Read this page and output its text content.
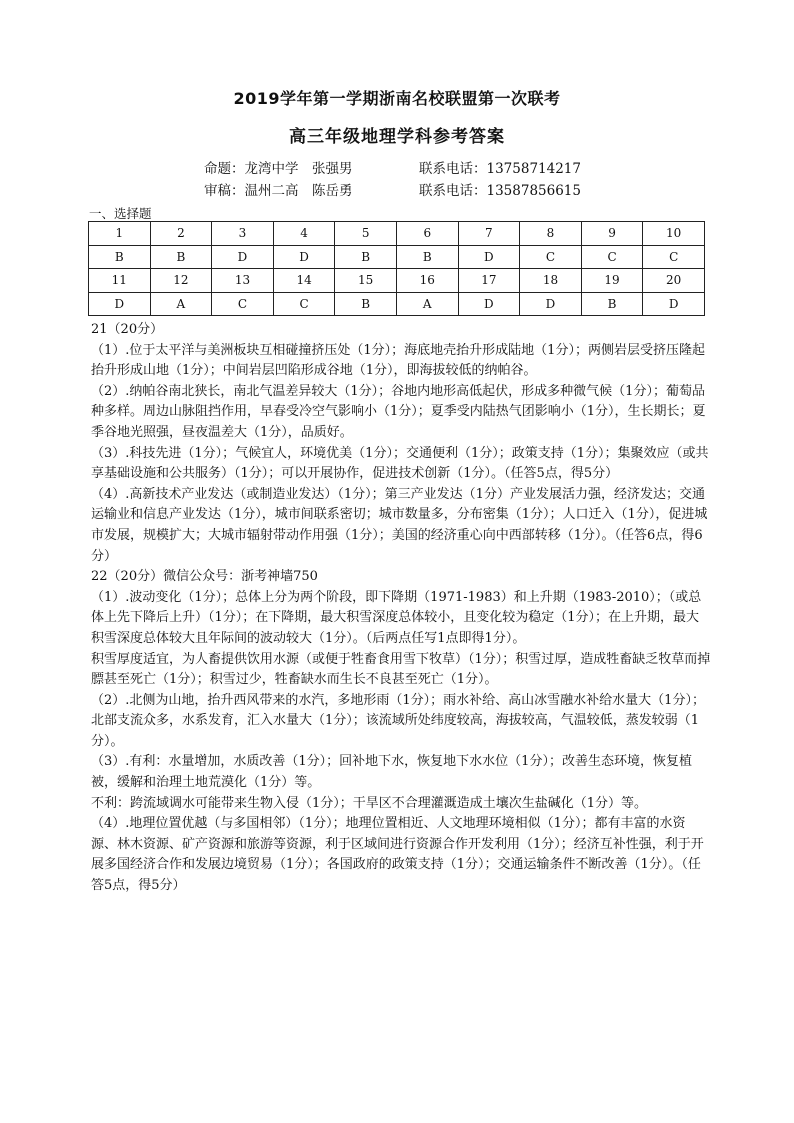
2019学年第一学期浙南名校联盟第一次联考
高三年级地理学科参考答案
命题：龙湾中学　张强男	联系电话：13758714217
审稿：温州二高　陈岳勇	联系电话：13587856615
一、选择题
1	2	3	4	5	6	7	8	9	10
B	B	D	D	B	B	D	C	C	C
11	12	13	14	15	16	17	18	19	20
D	A	C	C	B	A	D	D	B	D

21（20分）

（1）.位于太平洋与美洲板块互相碰撞挤压处（1分）；海底地壳抬升形成陆地（1分）；两侧岩层受挤压隆起抬升形成山地（1分）；中间岩层凹陷形成谷地（1分），即海拔较低的纳帕谷。

（2）.纳帕谷南北狭长，南北气温差异较大（1分）；谷地内地形高低起伏，形成多种微气候（1分）；葡萄品种多样。周边山脉阻挡作用，早春受冷空气影响小（1分）；夏季受内陆热气团影响小（1分），生长期长；夏季谷地光照强，昼夜温差大（1分），品质好。

（3）.科技先进（1分）；气候宜人，环境优美（1分）；交通便利（1分）；政策支持（1分）；集聚效应（或共享基础设施和公共服务）（1分）；可以开展协作，促进技术创新（1分）。（任答5点，得5分）

（4）.高新技术产业发达（或制造业发达）（1分）；第三产业发达（1分）产业发展活力强，经济发达；交通运输业和信息产业发达（1分），城市间联系密切；城市数量多，分布密集（1分）；人口迁入（1分），促进城市发展，规模扩大；大城市辐射带动作用强（1分）；美国的经济重心向中西部转移（1分）。（任答6点，得6分）

22（20分）微信公众号：浙考神墙750

（1）.波动变化（1分）；总体上分为两个阶段，即下降期（1971-1983）和上升期（1983-2010）；（或总体上先下降后上升）（1分）；在下降期，最大积雪深度总体较小，且变化较为稳定（1分）；在上升期，最大积雪深度总体较大且年际间的波动较大（1分）。（后两点任写1点即得1分）。

积雪厚度适宜，为人畜提供饮用水源（或便于牲畜食用雪下牧草）（1分）；积雪过厚，造成牲畜缺乏牧草而掉膘甚至死亡（1分）；积雪过少，牲畜缺水而生长不良甚至死亡（1分）。

（2）.北侧为山地，抬升西风带来的水汽，多地形雨（1分）；雨水补给、高山冰雪融水补给水量大（1分）；北部支流众多，水系发育，汇入水量大（1分）；该流域所处纬度较高，海拔较高，气温较低，蒸发较弱（1分）。

（3）.有利：水量增加，水质改善（1分）；回补地下水，恢复地下水水位（1分）；改善生态环境，恢复植被，缓解和治理土地荒漠化（1分）等。

不利：跨流域调水可能带来生物入侵（1分）；干旱区不合理灌溉造成土壤次生盐碱化（1分）等。

（4）.地理位置优越（与多国相邻）（1分）；地理位置相近、人文地理环境相似（1分）；都有丰富的水资源、林木资源、矿产资源和旅游等资源，利于区域间进行资源合作开发利用（1分）；经济互补性强，利于开展多国经济合作和发展边境贸易（1分）；各国政府的政策支持（1分）；交通运输条件不断改善（1分）。（任答5点，得5分）
